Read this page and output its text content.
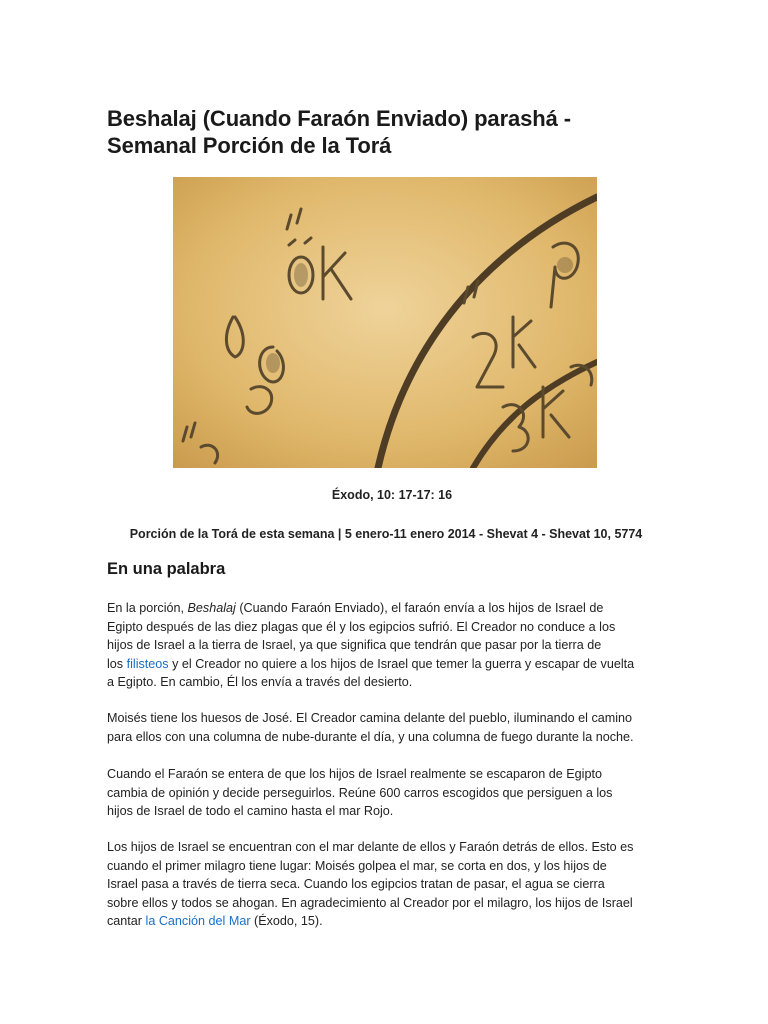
Beshalaj (Cuando Faraón Enviado) parashá -
Semanal Porción de la Torá

Éxodo, 10: 17-17: 16

Porción de la Torá de esta semana | 5 enero-11 enero 2014 - Shevat 4 - Shevat 10, 5774

En una palabra

En la porción, Beshalaj (Cuando Faraón Enviado), el faraón envía a los hijos de Israel de
Egipto después de las diez plagas que él y los egipcios sufrió. El Creador no conduce a los
hijos de Israel a la tierra de Israel, ya que significa que tendrán que pasar por la tierra de
los filisteos y el Creador no quiere a los hijos de Israel que temer la guerra y escapar de vuelta
a Egipto. En cambio, Él los envía a través del desierto.

Moisés tiene los huesos de José. El Creador camina delante del pueblo, iluminando el camino
para ellos con una columna de nube-durante el día, y una columna de fuego durante la noche.

Cuando el Faraón se entera de que los hijos de Israel realmente se escaparon de Egipto
cambia de opinión y decide perseguirlos. Reúne 600 carros escogidos que persiguen a los
hijos de Israel de todo el camino hasta el mar Rojo.

Los hijos de Israel se encuentran con el mar delante de ellos y Faraón detrás de ellos. Esto es
cuando el primer milagro tiene lugar: Moisés golpea el mar, se corta en dos, y los hijos de
Israel pasa a través de tierra seca. Cuando los egipcios tratan de pasar, el agua se cierra
sobre ellos y todos se ahogan. En agradecimiento al Creador por el milagro, los hijos de Israel
cantar la Canción del Mar (Éxodo, 15).
